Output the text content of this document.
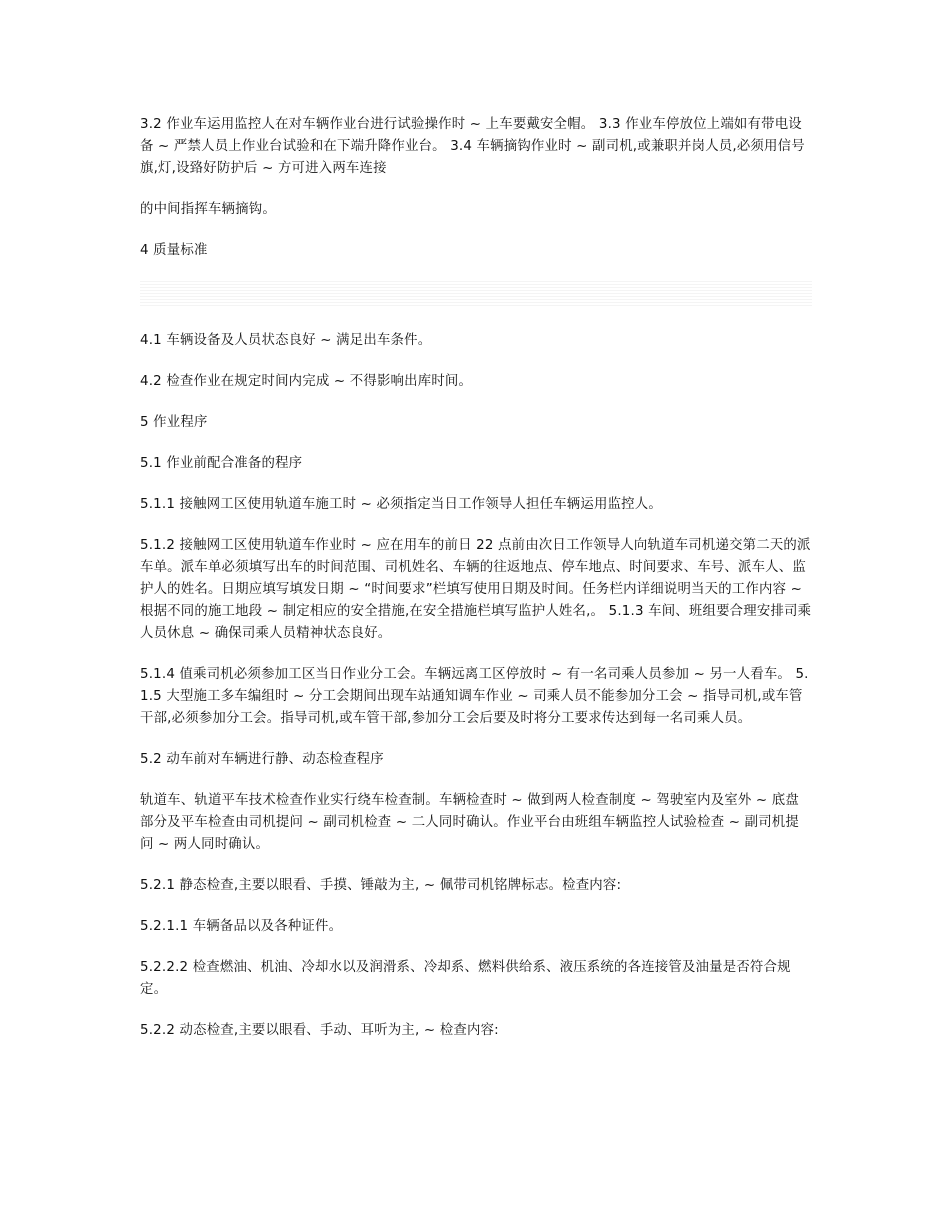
3.2 作业车运用监控人在对车辆作业台进行试验操作时 ~ 上车要戴安全帽。 3.3 作业车停放位上端如有带电设备 ~ 严禁人员上作业台试验和在下端升降作业台。 3.4 车辆摘钩作业时 ~ 副司机,或兼职并岗人员,必须用信号旗,灯,设臵好防护后 ~ 方可进入两车连接

的中间指挥车辆摘钩。

4 质量标准

4.1 车辆设备及人员状态良好 ~ 满足出车条件。

4.2 检查作业在规定时间内完成 ~ 不得影响出库时间。

5 作业程序

5.1 作业前配合准备的程序

5.1.1 接触网工区使用轨道车施工时 ~ 必须指定当日工作领导人担任车辆运用监控人。

5.1.2 接触网工区使用轨道车作业时 ~ 应在用车的前日 22 点前由次日工作领导人向轨道车司机递交第二天的派车单。派车单必须填写出车的时间范围、司机姓名、车辆的往返地点、停车地点、时间要求、车号、派车人、监护人的姓名。日期应填写填发日期 ~ “时间要求”栏填写使用日期及时间。任务栏内详细说明当天的工作内容 ~ 根据不同的施工地段 ~ 制定相应的安全措施,在安全措施栏填写监护人姓名,。 5.1.3 车间、班组要合理安排司乘人员休息 ~ 确保司乘人员精神状态良好。

5.1.4 值乘司机必须参加工区当日作业分工会。车辆远离工区停放时 ~ 有一名司乘人员参加 ~ 另一人看车。 5.1.5 大型施工多车编组时 ~ 分工会期间出现车站通知调车作业 ~ 司乘人员不能参加分工会 ~ 指导司机,或车管干部,必须参加分工会。指导司机,或车管干部,参加分工会后要及时将分工要求传达到每一名司乘人员。

5.2 动车前对车辆进行静、动态检查程序

轨道车、轨道平车技术检查作业实行绕车检查制。车辆检查时 ~ 做到两人检查制度 ~ 驾驶室内及室外 ~ 底盘部分及平车检查由司机提问 ~ 副司机检查 ~ 二人同时确认。作业平台由班组车辆监控人试验检查 ~ 副司机提问 ~ 两人同时确认。

5.2.1 静态检查,主要以眼看、手摸、锤敲为主, ~ 佩带司机铭牌标志。检查内容:

5.2.1.1 车辆备品以及各种证件。

5.2.2.2 检查燃油、机油、冷却水以及润滑系、冷却系、燃料供给系、液压系统的各连接管及油量是否符合规定。

5.2.2 动态检查,主要以眼看、手动、耳听为主, ~ 检查内容:
